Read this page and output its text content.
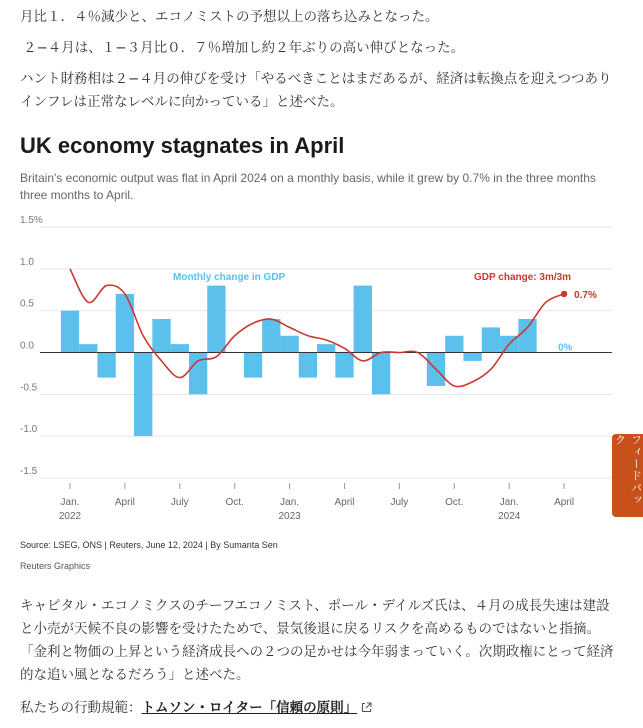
月比１．４％減少と、エコノミストの予想以上の落ち込みとなった。

２−４月は、１−３月比０．７％増加し約２年ぶりの高い伸びとなった。

ハント財務相は２−４月の伸びを受け「やるべきことはまだあるが、経済は転換点を迎えつつありインフレは正常なレベルに向かっている」と述べた。

UK economy stagnates in April

Britain's economic output was flat in April 2024 on a monthly basis, while it grew by 0.7% in the three months three months to April.

1.5%
1.0
0.5
0.0
-0.5
-1.0
-1.5
Monthly change in GDP	GDP change: 3m/3m
0.7%
0%
Jan.
2022
April	July	Oct.	Jan.
2023
April	July	Oct.	Jan.
2024
April
Source: LSEG, ONS | Reuters, June 12, 2024 | By Sumanta Sen
Reuters Graphics

キャピタル・エコノミクスのチーフエコノミスト、ポール・デイルズ氏は、４月の成長失速は建設と小売が天候不良の影響を受けたためで、景気後退に戻るリスクを高めるものではないと指摘。「金利と物価の上昇という経済成長への２つの足かせは今年弱まっていく。次期政権にとって経済的な追い風となるだろう」と述べた。

私たちの行動規範：トムソン・ロイター「信頼の原則」
フィードバック
